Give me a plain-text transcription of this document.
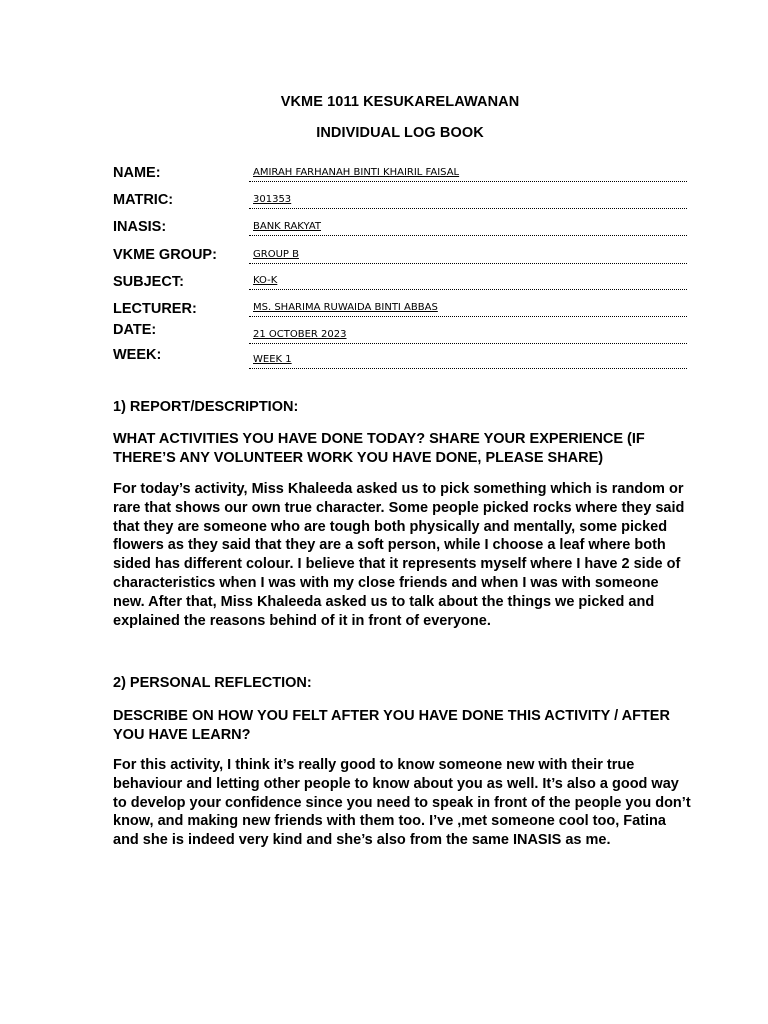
VKME 1011 KESUKARELAWANAN
INDIVIDUAL LOG BOOK
NAME:	AMIRAH FARHANAH BINTI KHAIRIL FAISAL
MATRIC:	301353
INASIS:	BANK RAKYAT
VKME GROUP:	GROUP B
SUBJECT:	KO-K
LECTURER:	MS. SHARIMA RUWAIDA BINTI ABBAS
DATE:	21 OCTOBER 2023
WEEK:	WEEK 1
1) REPORT/DESCRIPTION:
WHAT ACTIVITIES YOU HAVE DONE TODAY? SHARE YOUR EXPERIENCE (IF THERE’S ANY VOLUNTEER WORK YOU HAVE DONE, PLEASE SHARE)
For today’s activity, Miss Khaleeda asked us to pick something which is random or rare that shows our own true character. Some people picked rocks where they said that they are someone who are tough both physically and mentally, some picked flowers as they said that they are a soft person, while I choose a leaf where both sided has different colour. I believe that it represents myself where I have 2 side of characteristics when I was with my close friends and when I was with someone new. After that, Miss Khaleeda asked us to talk about the things we picked and explained the reasons behind of it in front of everyone.
2) PERSONAL REFLECTION:
DESCRIBE ON HOW YOU FELT AFTER YOU HAVE DONE THIS ACTIVITY / AFTER YOU HAVE LEARN?
For this activity, I think it’s really good to know someone new with their true behaviour and letting other people to know about you as well. It’s also a good way to develop your confidence since you need to speak in front of the people you don’t know, and making new friends with them too. I’ve ,met someone cool too, Fatina and she is indeed very kind and she’s also from the same INASIS as me.
